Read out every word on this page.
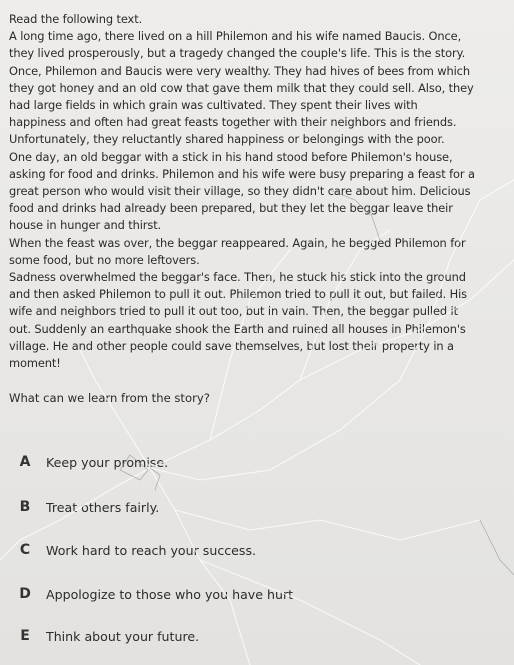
Read the following text.

A long time ago, there lived on a hill Philemon and his wife named Baucis. Once,

they lived prosperously, but a tragedy changed the couple's life. This is the story.

Once, Philemon and Baucis were very wealthy. They had hives of bees from which

they got honey and an old cow that gave them milk that they could sell. Also, they

had large fields in which grain was cultivated. They spent their lives with

happiness and often had great feasts together with their neighbors and friends.

Unfortunately, they reluctantly shared happiness or belongings with the poor.

One day, an old beggar with a stick in his hand stood before Philemon's house,

asking for food and drinks. Philemon and his wife were busy preparing a feast for a

great person who would visit their village, so they didn't care about him. Delicious

food and drinks had already been prepared, but they let the beggar leave their

house in hunger and thirst.

When the feast was over, the beggar reappeared. Again, he begged Philemon for

some food, but no more leftovers.

Sadness overwhelmed the beggar's face. Then, he stuck his stick into the ground

and then asked Philemon to pull it out. Philemon tried to pull it out, but failed. His

wife and neighbors tried to pull it out too, but in vain. Then, the beggar pulled it

out. Suddenly an earthquake shook the Earth and ruined all houses in Philemon's

village. He and other people could save themselves, but lost their property in a

moment!

What can we learn from the story?
A	Keep your promise.
B	Treat others fairly.
C	Work hard to reach your success.
D	Appologize to those who you have hurt
E	Think about your future.
